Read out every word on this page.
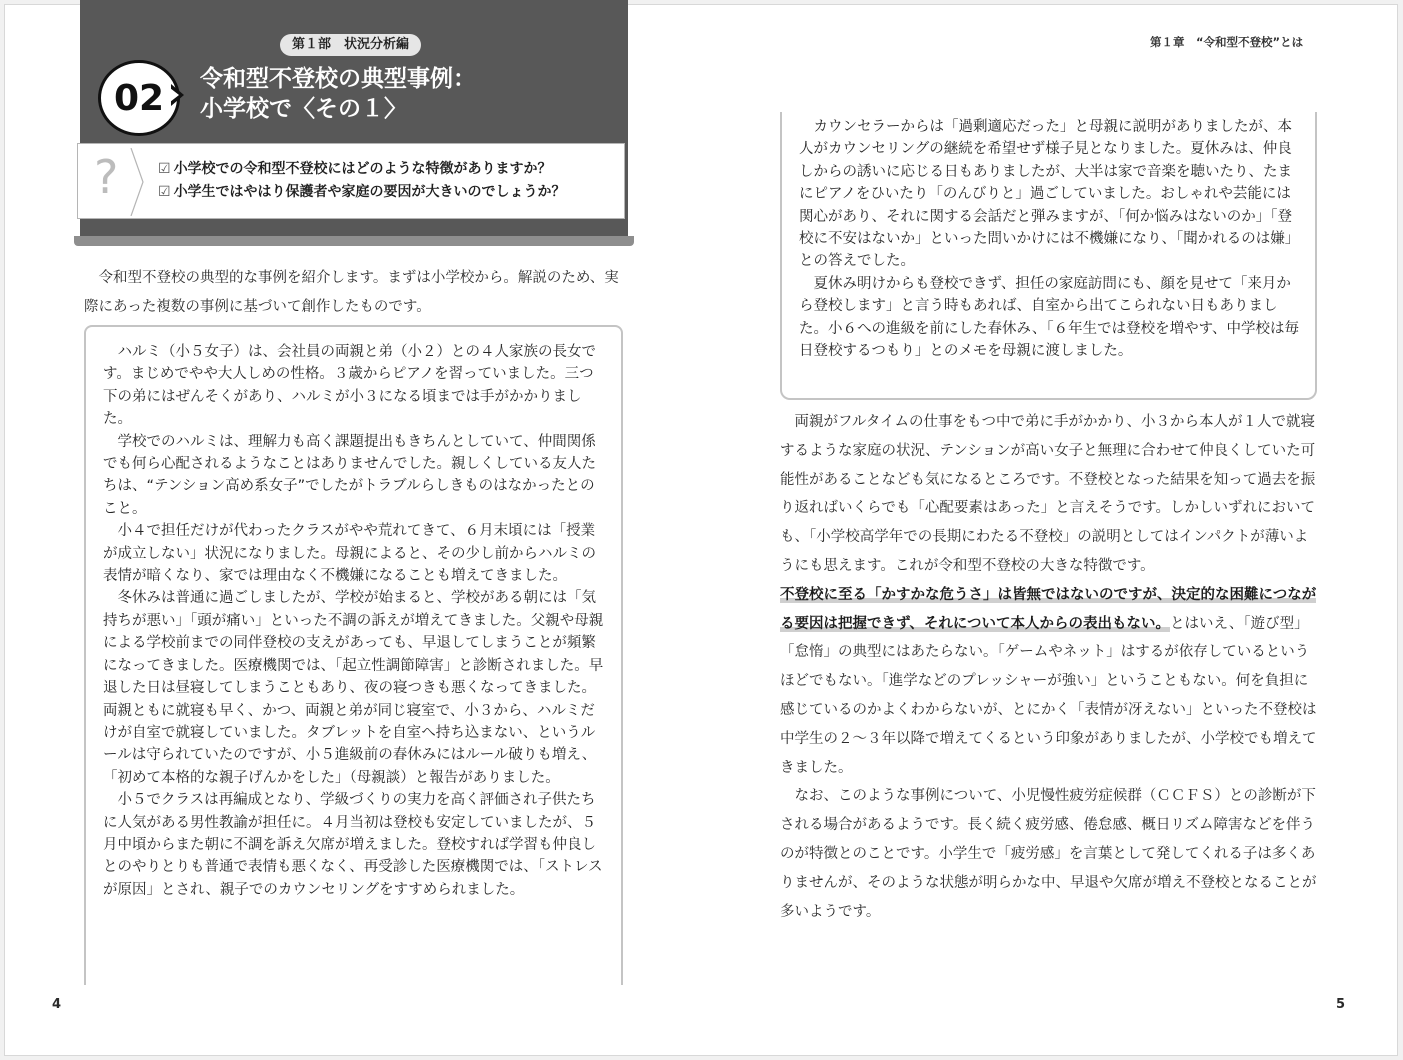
第１部　状況分析編
02 令和型不登校の典型事例：
小学校で〈その１〉
?	☑ 小学校での令和型不登校にはどのような特徴がありますか？
☑ 小学生ではやはり保護者や家庭の要因が大きいのでしょうか？

令和型不登校の典型的な事例を紹介します。まずは小学校から。解説のため、実際にあった複数の事例に基づいて創作したものです。

ハルミ（小５女子）は、会社員の両親と弟（小２）との４人家族の長女です。まじめでやや大人しめの性格。３歳からピアノを習っていました。三つ下の弟にはぜんそくがあり、ハルミが小３になる頃までは手がかかりました。

学校でのハルミは、理解力も高く課題提出もきちんとしていて、仲間関係でも何ら心配されるようなことはありませんでした。親しくしている友人たちは、“テンション高め系女子”でしたがトラブルらしきものはなかったとのこと。

小４で担任だけが代わったクラスがやや荒れてきて、６月末頃には「授業が成立しない」状況になりました。母親によると、その少し前からハルミの表情が暗くなり、家では理由なく不機嫌になることも増えてきました。

冬休みは普通に過ごしましたが、学校が始まると、学校がある朝には「気持ちが悪い」「頭が痛い」といった不調の訴えが増えてきました。父親や母親による学校前までの同伴登校の支えがあっても、早退してしまうことが頻繁になってきました。医療機関では、「起立性調節障害」と診断されました。早退した日は昼寝してしまうこともあり、夜の寝つきも悪くなってきました。両親ともに就寝も早く、かつ、両親と弟が同じ寝室で、小３から、ハルミだけが自室で就寝していました。タブレットを自室へ持ち込まない、というルールは守られていたのですが、小５進級前の春休みにはルール破りも増え、「初めて本格的な親子げんかをした」（母親談）と報告がありました。

小５でクラスは再編成となり、学級づくりの実力を高く評価され子供たちに人気がある男性教諭が担任に。４月当初は登校も安定していましたが、５月中頃からまた朝に不調を訴え欠席が増えました。登校すれば学習も仲良しとのやりとりも普通で表情も悪くなく、再受診した医療機関では、「ストレスが原因」とされ、親子でのカウンセリングをすすめられました。

4
第１章　“令和型不登校”とは

カウンセラーからは「過剰適応だった」と母親に説明がありましたが、本人がカウンセリングの継続を希望せず様子見となりました。夏休みは、仲良しからの誘いに応じる日もありましたが、大半は家で音楽を聴いたり、たまにピアノをひいたり「のんびりと」過ごしていました。おしゃれや芸能には関心があり、それに関する会話だと弾みますが、「何か悩みはないのか」「登校に不安はないか」といった問いかけには不機嫌になり、「聞かれるのは嫌」との答えでした。

夏休み明けからも登校できず、担任の家庭訪問にも、顔を見せて「来月から登校します」と言う時もあれば、自室から出てこられない日もありました。小６への進級を前にした春休み、「６年生では登校を増やす、中学校は毎日登校するつもり」とのメモを母親に渡しました。

両親がフルタイムの仕事をもつ中で弟に手がかかり、小３から本人が１人で就寝するような家庭の状況、テンションが高い女子と無理に合わせて仲良くしていた可能性があることなども気になるところです。不登校となった結果を知って過去を振り返ればいくらでも「心配要素はあった」と言えそうです。しかしいずれにおいても、「小学校高学年での長期にわたる不登校」の説明としてはインパクトが薄いようにも思えます。これが令和型不登校の大きな特徴です。

不登校に至る「かすかな危うさ」は皆無ではないのですが、決定的な困難につながる要因は把握できず、それについて本人からの表出もない。とはいえ、「遊び型」「怠惰」の典型にはあたらない。「ゲームやネット」はするが依存しているというほどでもない。「進学などのプレッシャーが強い」ということもない。何を負担に感じているのかよくわからないが、とにかく「表情が冴えない」といった不登校は中学生の２〜３年以降で増えてくるという印象がありましたが、小学校でも増えてきました。

なお、このような事例について、小児慢性疲労症候群（ＣＣＦＳ）との診断が下される場合があるようです。長く続く疲労感、倦怠感、概日リズム障害などを伴うのが特徴とのことです。小学生で「疲労感」を言葉として発してくれる子は多くありませんが、そのような状態が明らかな中、早退や欠席が増え不登校となることが多いようです。

5
